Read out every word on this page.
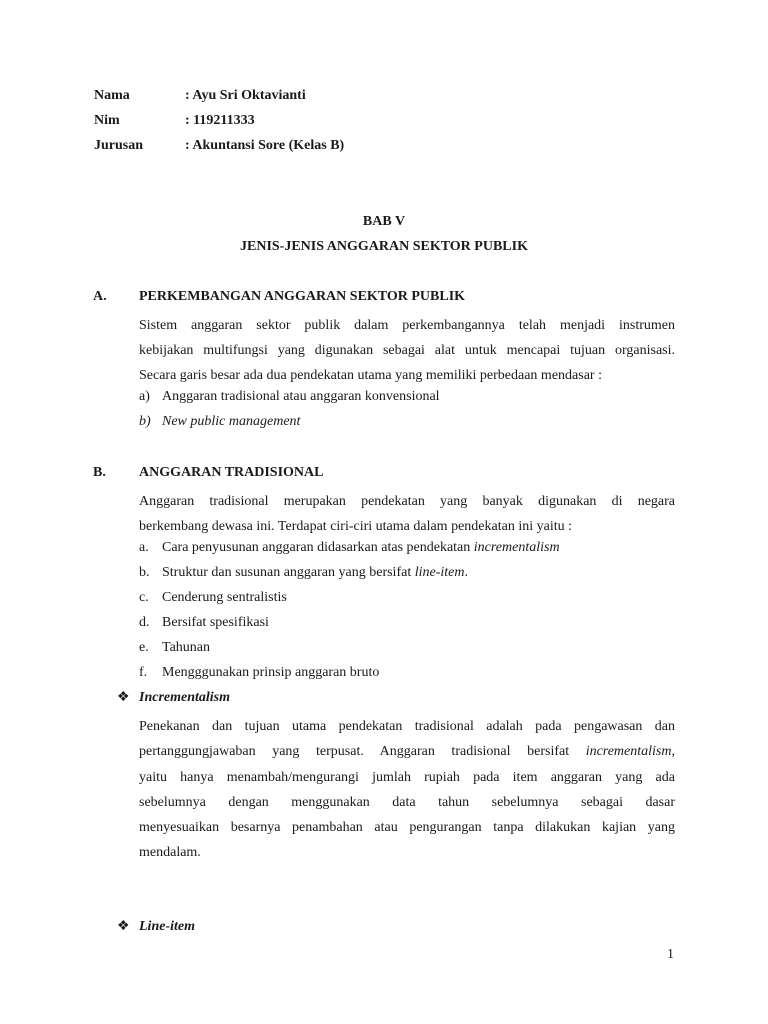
Nama	: Ayu Sri Oktavianti
Nim	: 119211333
Jurusan	: Akuntansi Sore (Kelas B)
BAB V
JENIS-JENIS ANGGARAN SEKTOR PUBLIK
A. PERKEMBANGAN ANGGARAN SEKTOR PUBLIK
Sistem anggaran sektor publik dalam perkembangannya telah menjadi instrumen
kebijakan multifungsi yang digunakan sebagai alat untuk mencapai tujuan organisasi.
Secara garis besar ada dua pendekatan utama yang memiliki perbedaan mendasar :
a) Anggaran tradisional atau anggaran konvensional
b) New public management
B. ANGGARAN TRADISIONAL
Anggaran tradisional merupakan pendekatan yang banyak digunakan di negara
berkembang dewasa ini. Terdapat ciri-ciri utama dalam pendekatan ini yaitu :
a. Cara penyusunan anggaran didasarkan atas pendekatan incrementalism
b. Struktur dan susunan anggaran yang bersifat line-item.
c. Cenderung sentralistis
d. Bersifat spesifikasi
e. Tahunan
f. Mengggunakan prinsip anggaran bruto
❖ Incrementalism
Penekanan dan tujuan utama pendekatan tradisional adalah pada pengawasan dan
pertanggungjawaban yang terpusat. Anggaran tradisional bersifat incrementalism,
yaitu hanya menambah/mengurangi jumlah rupiah pada item anggaran yang ada
sebelumnya dengan menggunakan data tahun sebelumnya sebagai dasar
menyesuaikan besarnya penambahan atau pengurangan tanpa dilakukan kajian yang
mendalam.
❖ Line-item
1
